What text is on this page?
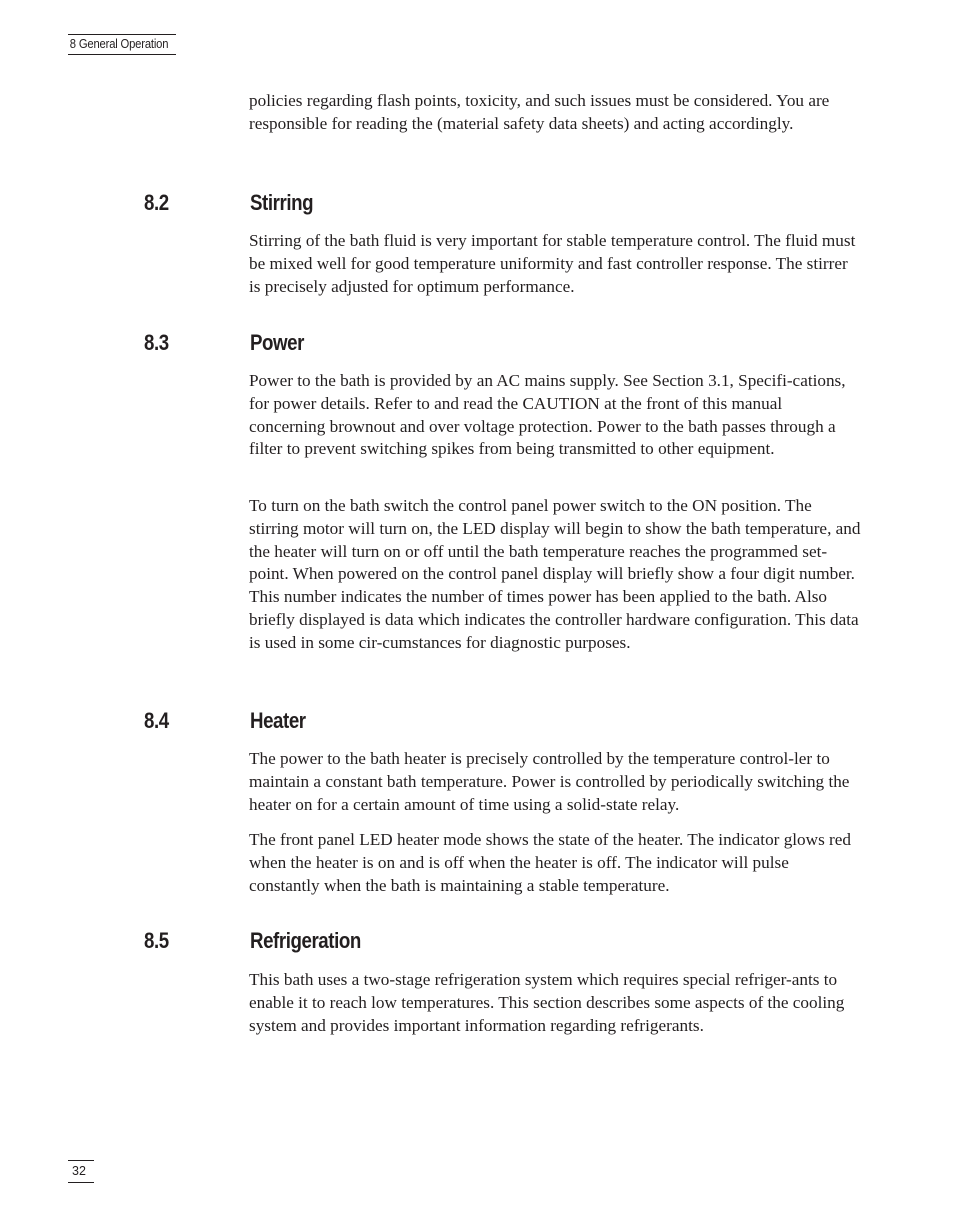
8 General Operation

policies regarding flash points, toxicity, and such issues must be considered. You are responsible for reading the (material safety data sheets) and acting accordingly.

8.2	Stirring

Stirring of the bath fluid is very important for stable temperature control. The fluid must be mixed well for good temperature uniformity and fast controller response. The stirrer is precisely adjusted for optimum performance.

8.3	Power

Power to the bath is provided by an AC mains supply. See Section 3.1, Specifi-cations, for power details. Refer to and read the CAUTION at the front of this manual concerning brownout and over voltage protection. Power to the bath passes through a filter to prevent switching spikes from being transmitted to other equipment.

To turn on the bath switch the control panel power switch to the ON position. The stirring motor will turn on, the LED display will begin to show the bath temperature, and the heater will turn on or off until the bath temperature reaches the programmed set-point. When powered on the control panel display will briefly show a four digit number. This number indicates the number of times power has been applied to the bath. Also briefly displayed is data which indicates the controller hardware configuration. This data is used in some cir-cumstances for diagnostic purposes.

8.4	Heater

The power to the bath heater is precisely controlled by the temperature control-ler to maintain a constant bath temperature. Power is controlled by periodically switching the heater on for a certain amount of time using a solid-state relay.

The front panel LED heater mode shows the state of the heater. The indicator glows red when the heater is on and is off when the heater is off. The indicator will pulse constantly when the bath is maintaining a stable temperature.

8.5	Refrigeration

This bath uses a two-stage refrigeration system which requires special refriger-ants to enable it to reach low temperatures. This section describes some aspects of the cooling system and provides important information regarding refrigerants.

32
